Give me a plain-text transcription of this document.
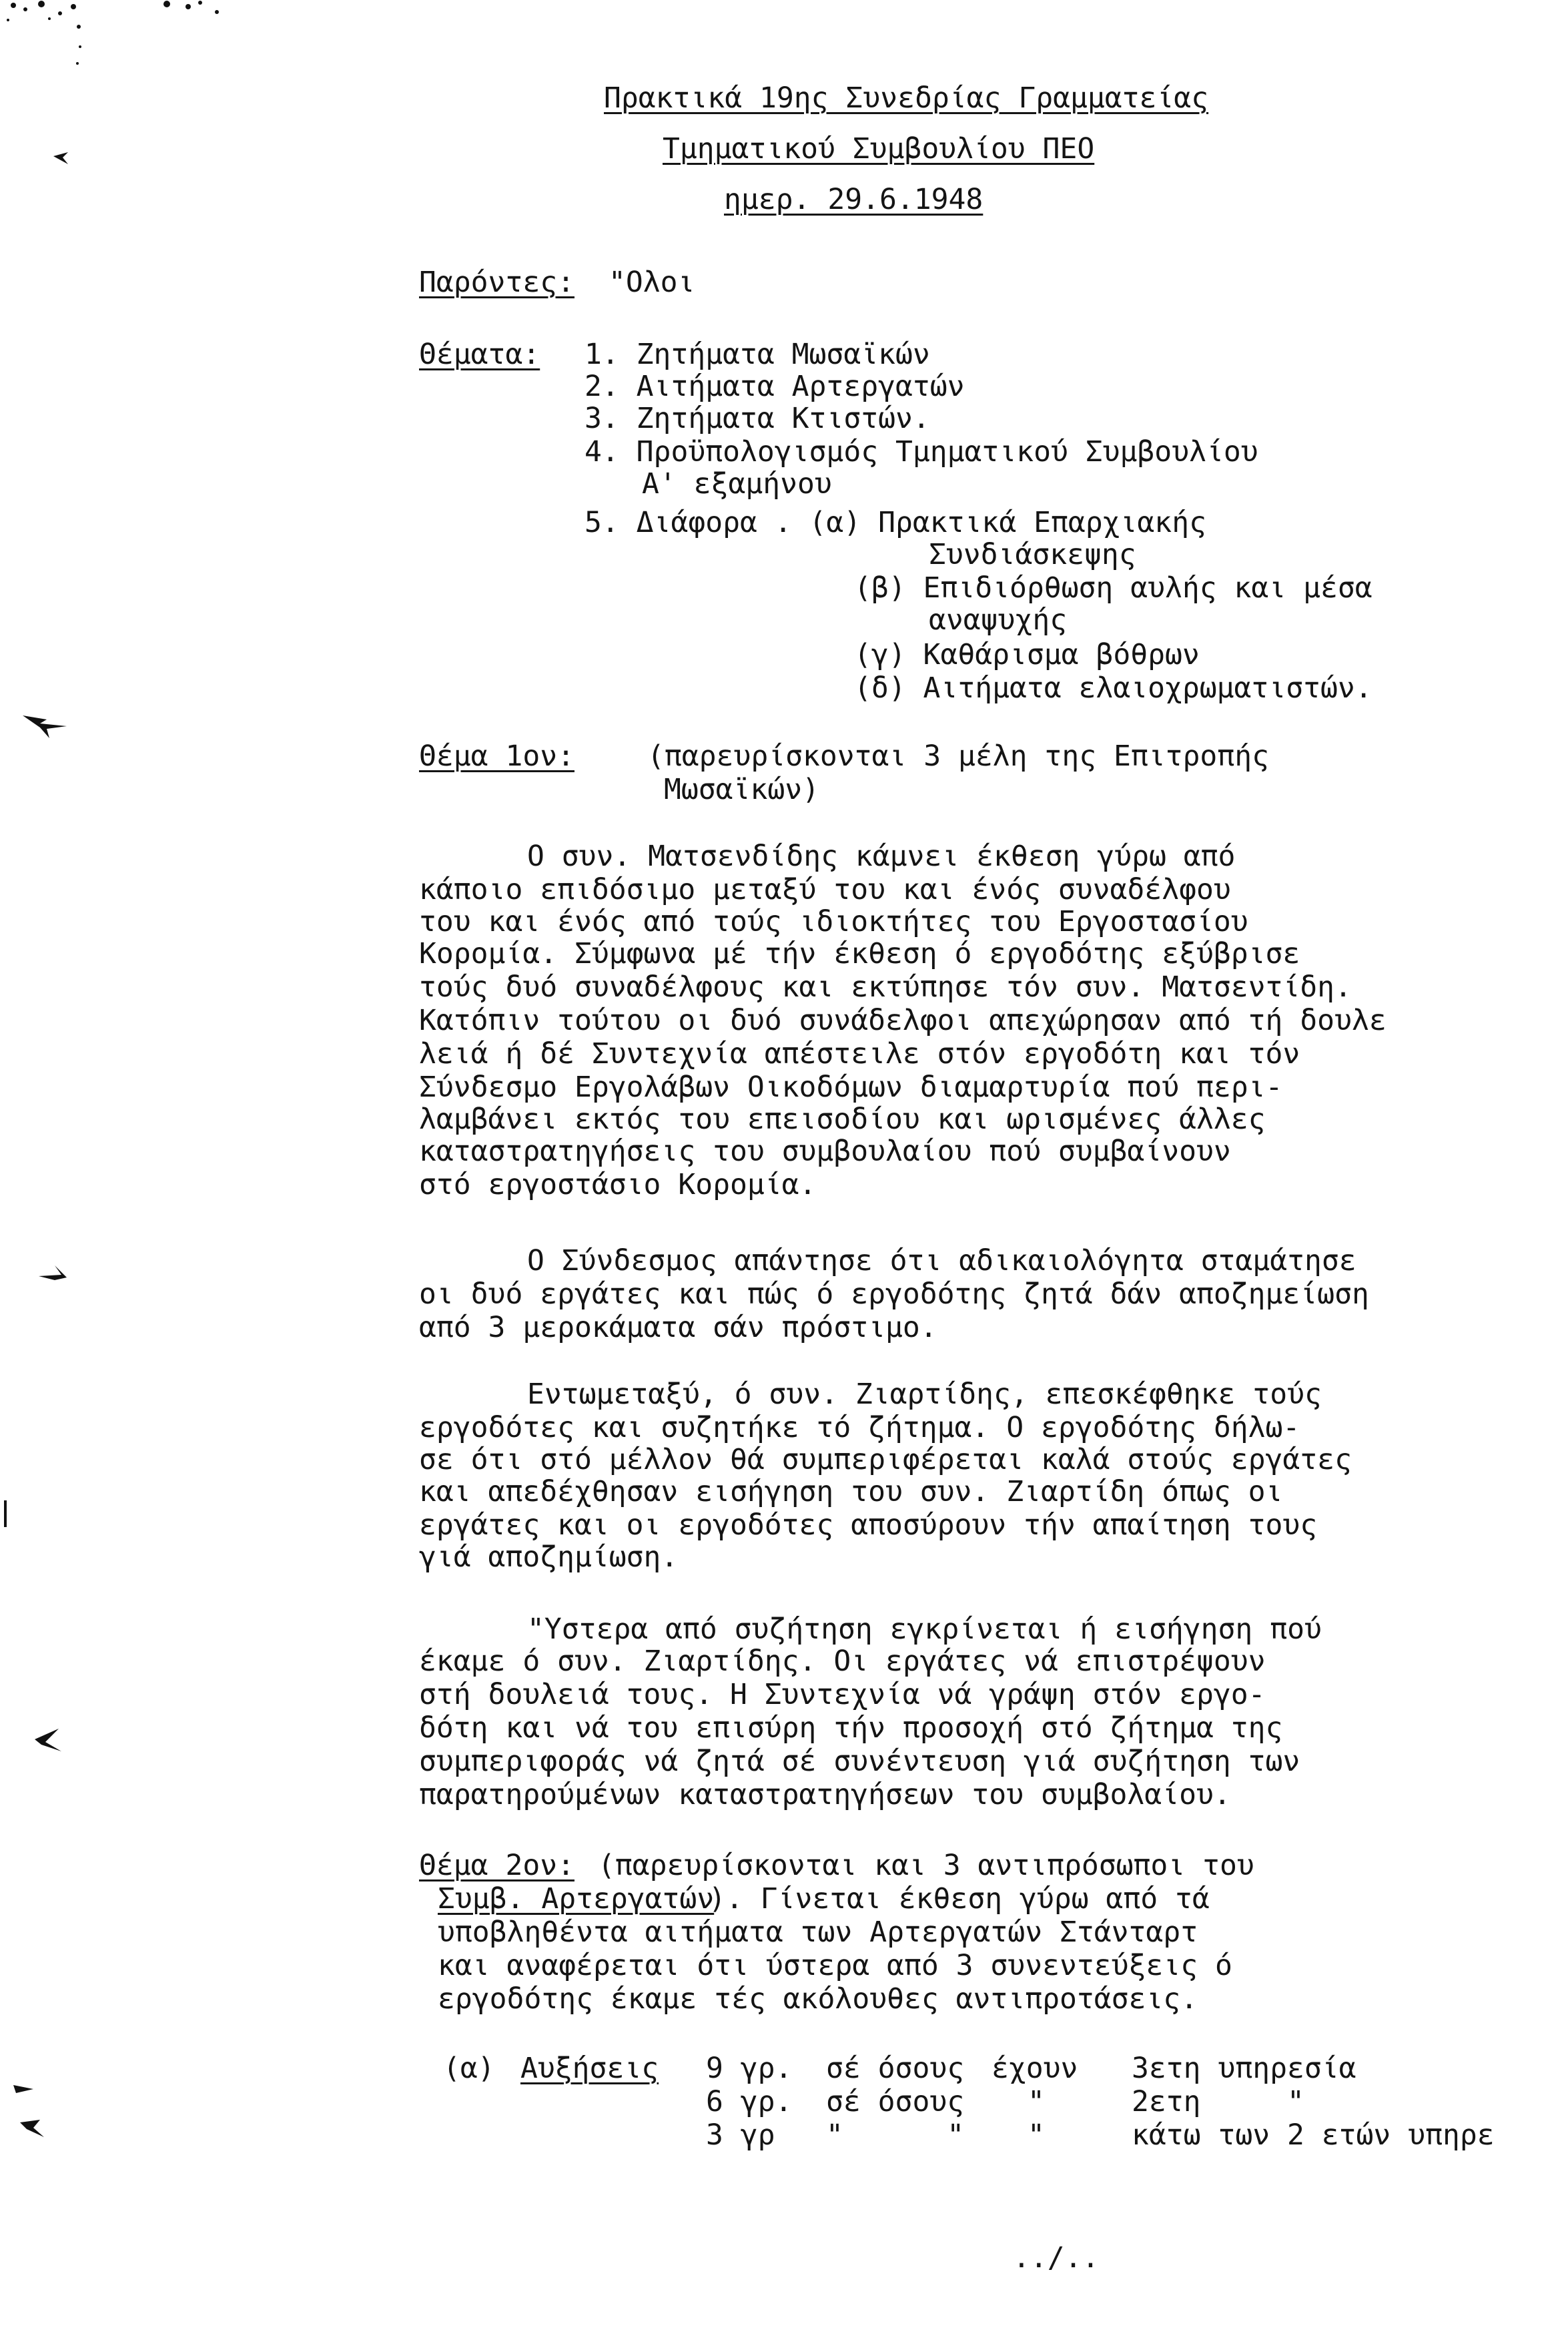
Πρακτικά 19ης Συνεδρίας Γραμματείας
Τμηματικού Συμβουλίου ΠΕΟ
ημερ. 29.6.1948
Παρόντες: "Ολοι
Θέματα: 1. Ζητήματα Μωσαϊκών
2. Αιτήματα Αρτεργατών
3. Ζητήματα Κτιστών.
4. Προϋπολογισμός Τμηματικού Συμβουλίου
Α' εξαμήνου
5. Διάφορα . (α) Πρακτικά Επαρχιακής
Συνδιάσκεψης
(β) Επιδιόρθωση αυλής και μέσα
αναψυχής
(γ) Καθάρισμα βόθρων
(δ) Αιτήματα ελαιοχρωματιστών.
Θέμα 1ον:	(παρευρίσκονται 3 μέλη της Επιτροπής
Μωσαϊκών)
Ο συν. Ματσενδίδης κάμνει έκθεση γύρω από
κάποιο επιδόσιμο μεταξύ του και ένός συναδέλφου
του και ένός από τούς ιδιοκτήτες του Εργοστασίου
Κορομία. Σύμφωνα μέ τήν έκθεση ό εργοδότης εξύβρισε
τούς δυό συναδέλφους και εκτύπησε τόν συν. Ματσεντίδη.
Κατόπιν τούτου οι δυό συνάδελφοι απεχώρησαν από τή δουλε
λειά ή δέ Συντεχνία απέστειλε στόν εργοδότη και τόν
Σύνδεσμο Εργολάβων Οικοδόμων διαμαρτυρία πού περι-
λαμβάνει εκτός του επεισοδίου και ωρισμένες άλλες
καταστρατηγήσεις του συμβουλαίου πού συμβαίνουν
στό εργοστάσιο Κορομία.
Ο Σύνδεσμος απάντησε ότι αδικαιολόγητα σταμάτησε
οι δυό εργάτες και πώς ό εργοδότης ζητά δάν αποζημείωση
από 3 μεροκάματα σάν πρόστιμο.
Εντωμεταξύ, ό συν. Ζιαρτίδης, επεσκέφθηκε τούς
εργοδότες και συζητήκε τό ζήτημα. Ο εργοδότης δήλω-
σε ότι στό μέλλον θά συμπεριφέρεται καλά στούς εργάτες
και απεδέχθησαν εισήγηση του συν. Ζιαρτίδη όπως οι
εργάτες και οι εργοδότες αποσύρουν τήν απαίτηση τους
γιά αποζημίωση.
"Υστερα από συζήτηση εγκρίνεται ή εισήγηση πού
έκαμε ό συν. Ζιαρτίδης. Οι εργάτες νά επιστρέψουν
στή δουλειά τους. Η Συντεχνία νά γράψη στόν εργο-
δότη και νά του επισύρη τήν προσοχή στό ζήτημα της
συμπεριφοράς νά ζητά σέ συνέντευση γιά συζήτηση των
παρατηρούμένων καταστρατηγήσεων του συμβολαίου.
Θέμα 2ον: (παρευρίσκονται και 3 αντιπρόσωποι του
Συμβ. Αρτεργατών
). Γίνεται έκθεση γύρω από τά
υποβληθέντα αιτήματα των Αρτεργατών Στάνταρτ
και αναφέρεται ότι ύστερα από 3 συνεντεύξεις ό
εργοδότης έκαμε τές ακόλουθες αντιπροτάσεις.
(α) Αυξήσεις 9 γρ. σέ όσους έχουν 3ετη υπηρεσία
6 γρ. σέ όσους "	2ετη     "
3 γρ "      " "	κάτω των 2 ετών υπηρε
../..
